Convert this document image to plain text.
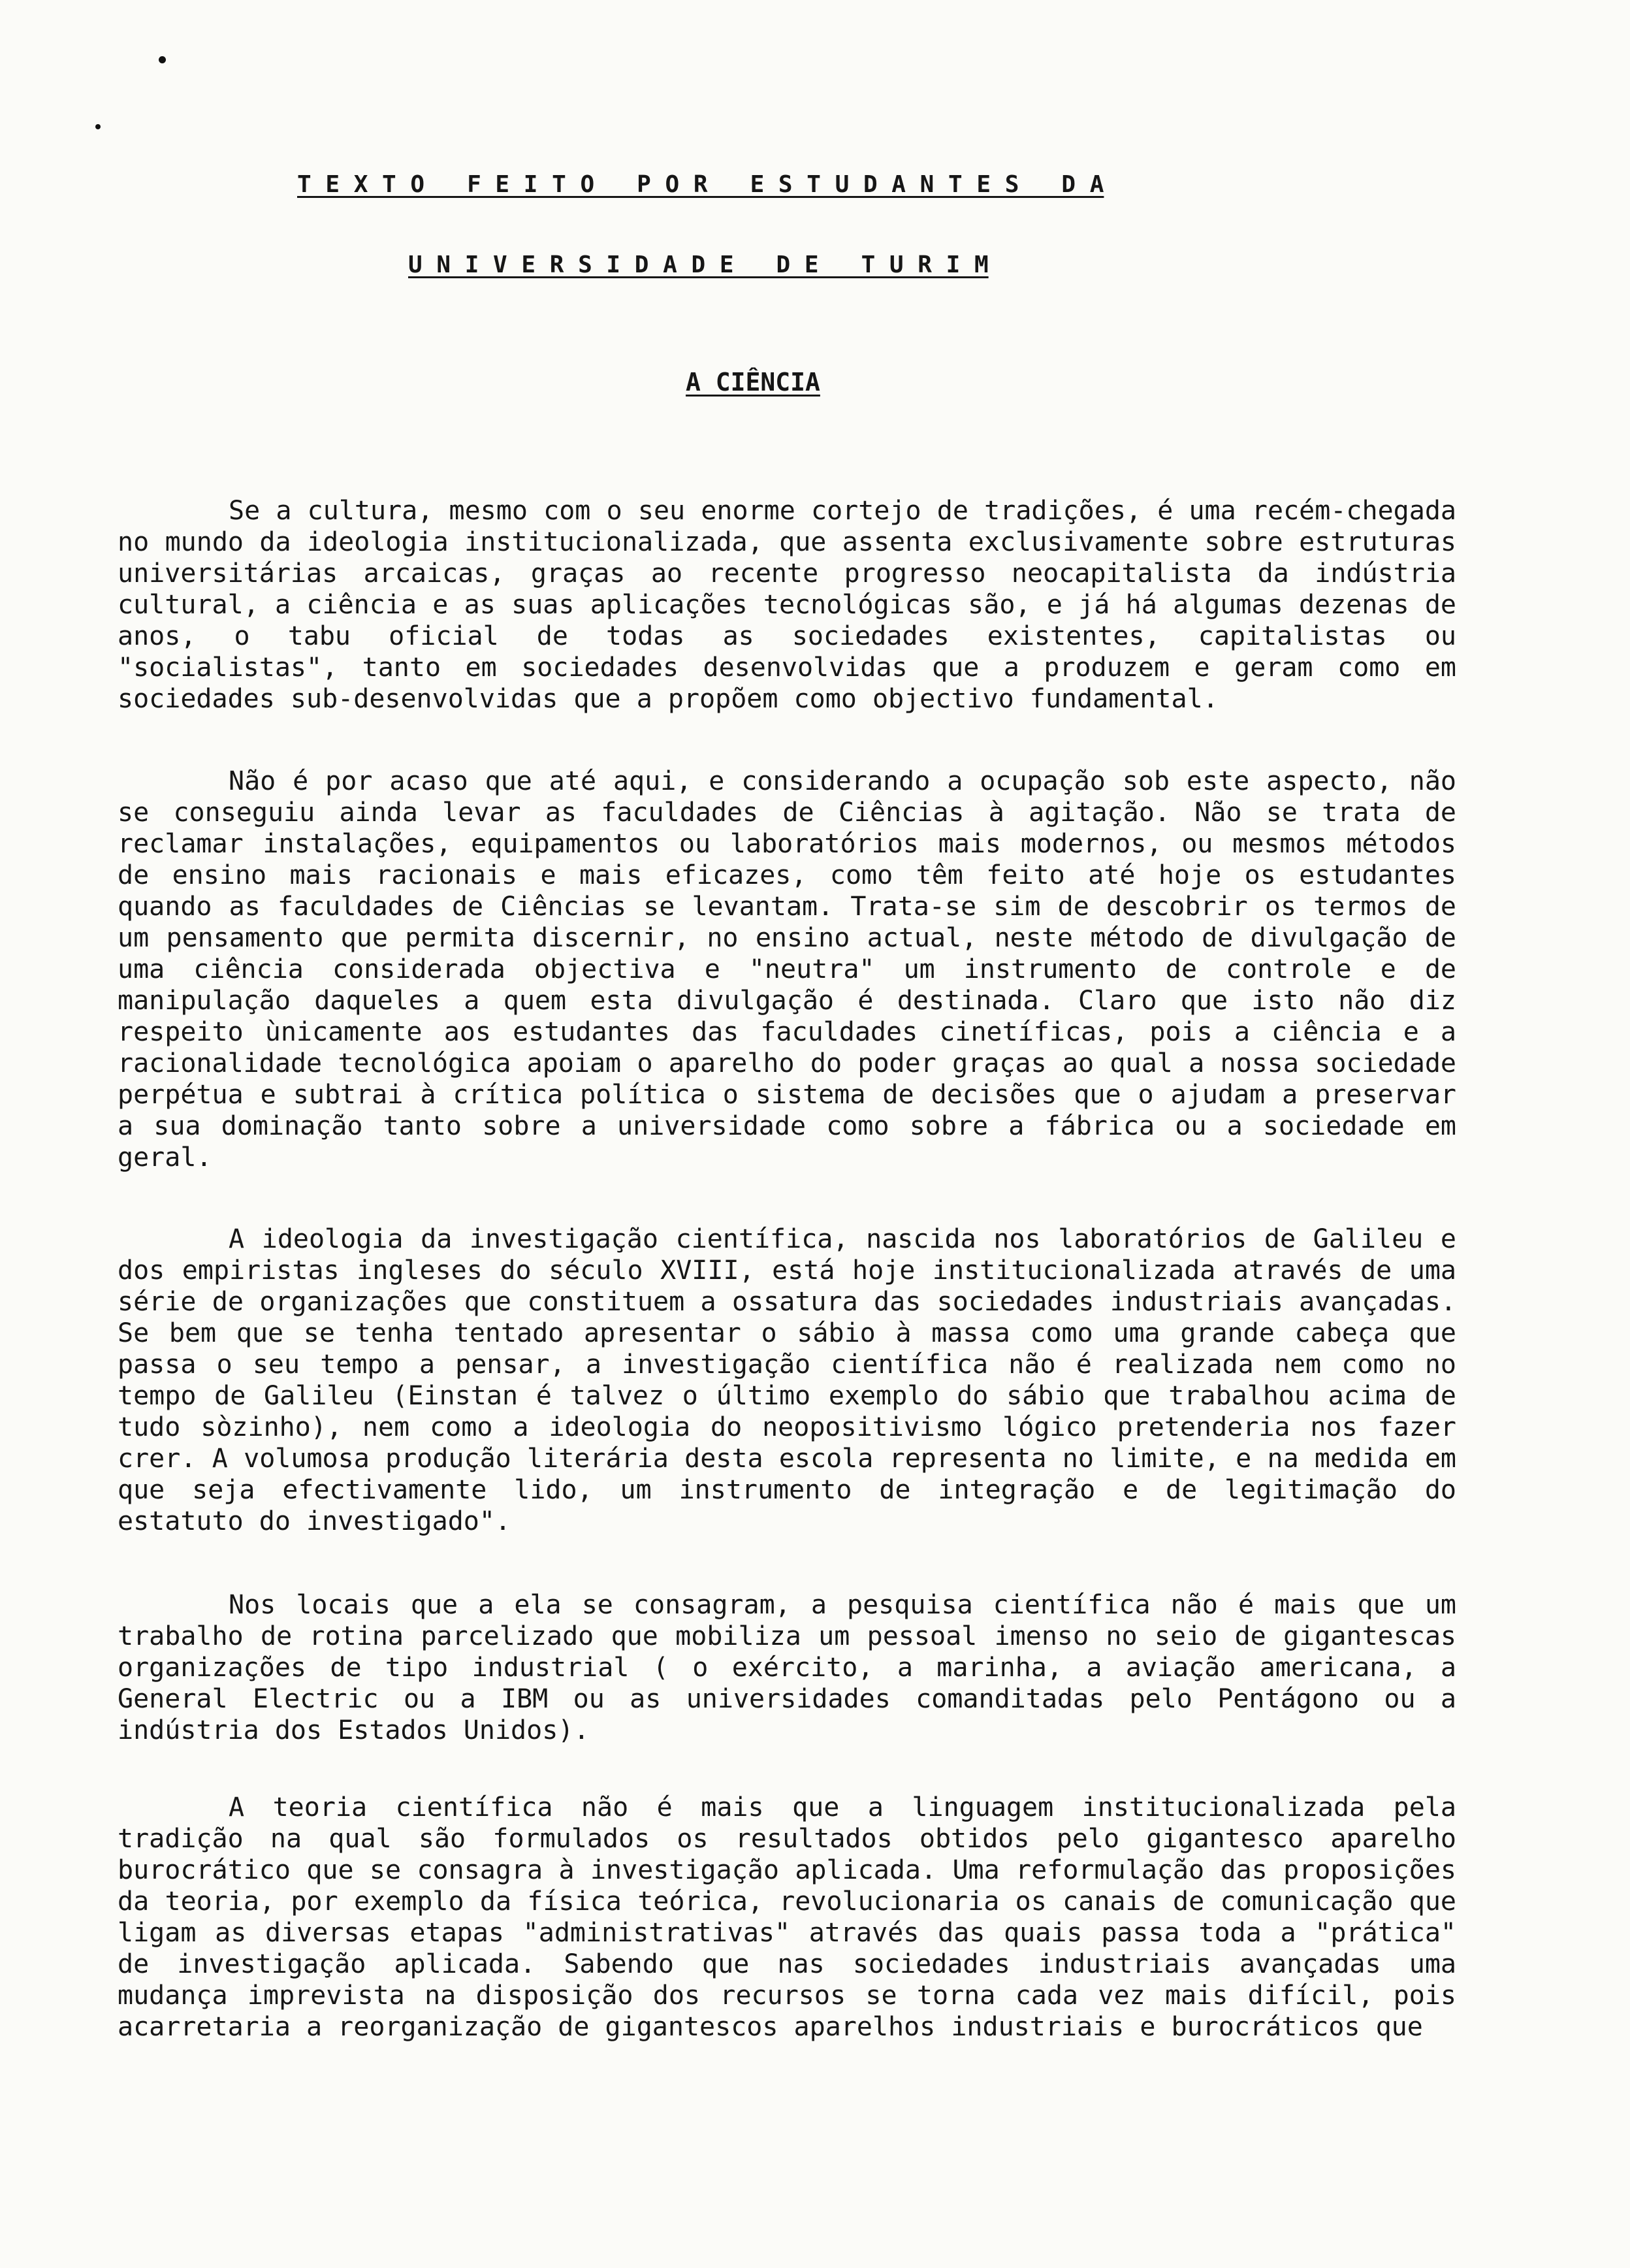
T E X T O   F E I T O   P O R   E S T U D A N T E S   D A
U N I V E R S I D A D E   D E   T U R I M
A CIÊNCIA

Se a cultura, mesmo com o seu enorme cortejo de tradições, é uma recém-chegada no mundo da ideologia institucionalizada, que assenta exclusivamente sobre estruturas universitárias arcaicas, graças ao recente progresso neocapitalista da indústria cultural, a ciência e as suas aplicações tecnológicas são, e já há algumas dezenas de anos, o tabu oficial de todas as sociedades existentes, capitalistas ou "socialistas", tanto em sociedades desenvolvidas que a produzem e geram como em sociedades sub-desenvolvidas que a propõem como objectivo fundamental.

Não é por acaso que até aqui, e considerando a ocupação sob este aspecto, não se conseguiu ainda levar as faculdades de Ciências à agitação. Não se trata de reclamar instalações, equipamentos ou laboratórios mais modernos, ou mesmos métodos de ensino mais racionais e mais eficazes, como têm feito até hoje os estudantes quando as faculdades de Ciências se levantam. Trata-se sim de descobrir os termos de um pensamento que permita discernir, no ensino actual, neste método de divulgação de uma ciência considerada objectiva e "neutra" um instrumento de controle e de manipulação daqueles a quem esta divulgação é destinada. Claro que isto não diz respeito ùnicamente aos estudantes das faculdades cinetíficas, pois a ciência e a racionalidade tecnológica apoiam o aparelho do poder graças ao qual a nossa sociedade perpétua e subtrai à crítica política o sistema de decisões que o ajudam a preservar a sua dominação tanto sobre a universidade como sobre a fábrica ou a sociedade em geral.

A ideologia da investigação científica, nascida nos laboratórios de Galileu e dos empiristas ingleses do século XVIII, está hoje institucionalizada através de uma série de organizações que constituem a ossatura das sociedades industriais avançadas. Se bem que se tenha tentado apresentar o sábio à massa como uma grande cabeça que passa o seu tempo a pensar, a investigação científica não é realizada nem como no tempo de Galileu (Einstan é talvez o último exemplo do sábio que trabalhou acima de tudo sòzinho), nem como a ideologia do neopositivismo lógico pretenderia nos fazer crer. A volumosa produção literária desta escola representa no limite, e na medida em que seja efectivamente lido, um instrumento de integração e de legitimação do estatuto do investigado".

Nos locais que a ela se consagram, a pesquisa científica não é mais que um trabalho de rotina parcelizado que mobiliza um pessoal imenso no seio de gigantescas organizações de tipo industrial ( o exército, a marinha, a aviação americana, a General Electric ou a IBM ou as universidades comanditadas pelo Pentágono ou a indústria dos Estados Unidos).

A teoria científica não é mais que a linguagem institucionalizada pela tradição na qual são formulados os resultados obtidos pelo gigantesco aparelho burocrático que se consagra à investigação aplicada. Uma reformulação das proposições da teoria, por exemplo da física teórica, revolucionaria os canais de comunicação que ligam as diversas etapas "administrativas" através das quais passa toda a "prática" de investigação aplicada. Sabendo que nas sociedades industriais avançadas uma mudança imprevista na disposição dos recursos se torna cada vez mais difícil, pois acarretaria a reorganização de gigantescos aparelhos industriais e burocráticos que
